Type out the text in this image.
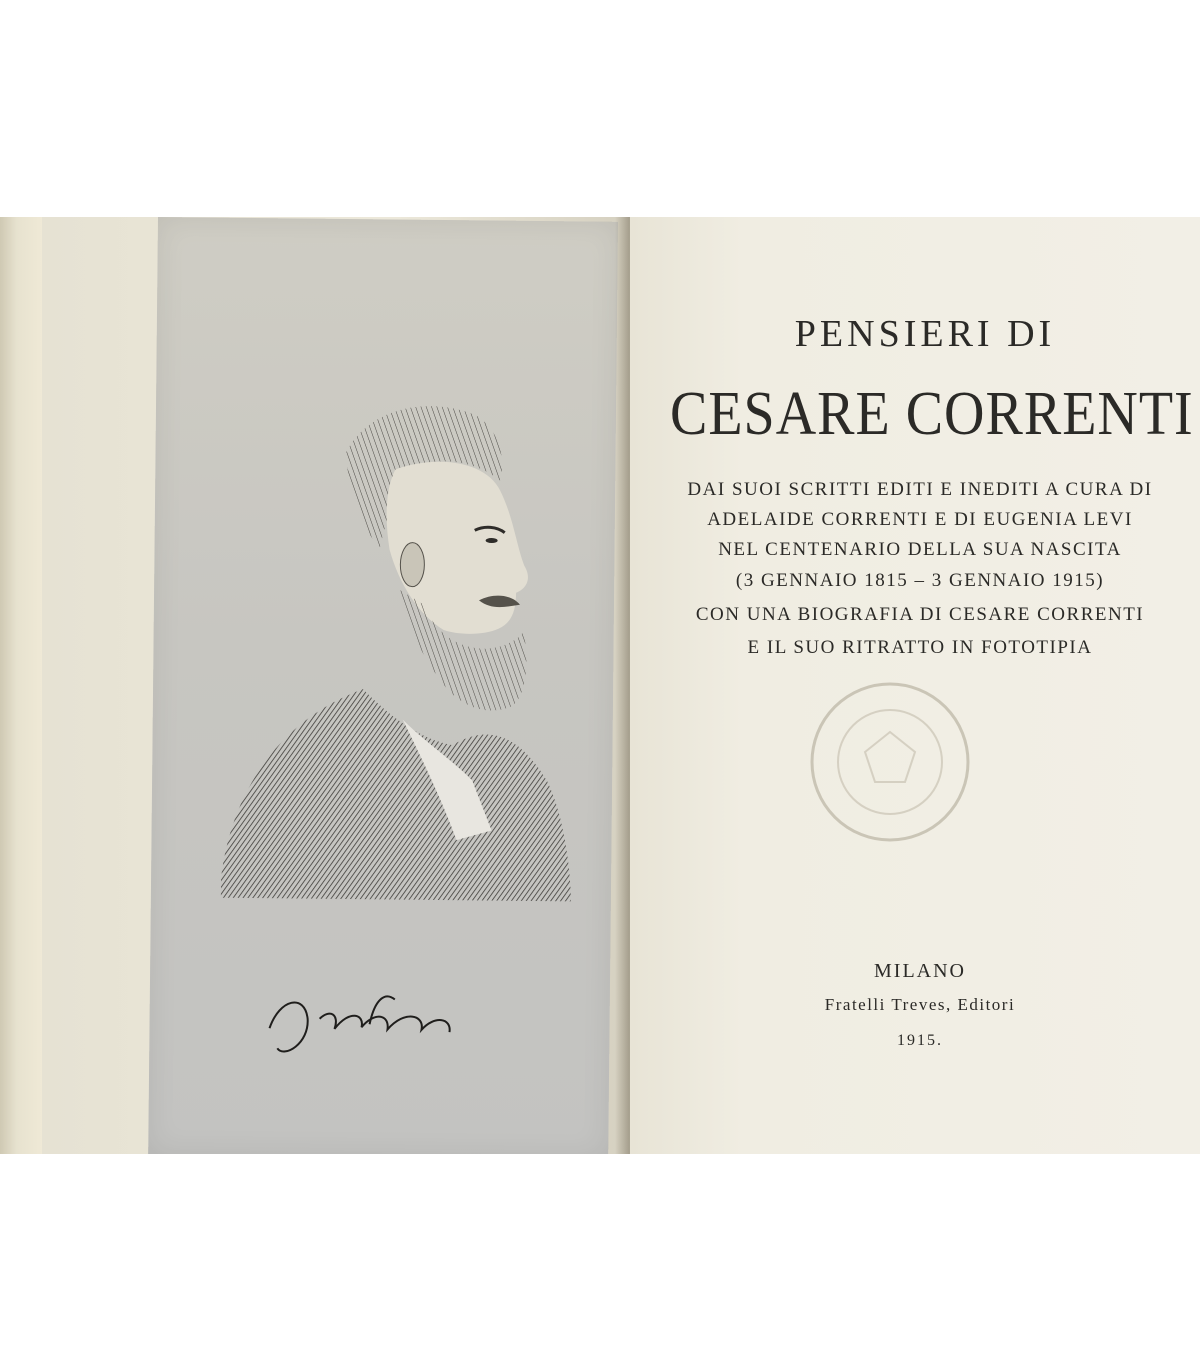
PENSIERI DI
CESARE CORRENTI
DAI SUOI SCRITTI EDITI E INEDITI A CURA DI
ADELAIDE CORRENTI E DI EUGENIA LEVI
NEL CENTENARIO DELLA SUA NASCITA
(3 GENNAIO 1815 – 3 GENNAIO 1915)
CON UNA BIOGRAFIA DI CESARE CORRENTI
E IL SUO RITRATTO IN FOTOTIPIA
MILANO
Fratelli Treves, Editori
1915.
